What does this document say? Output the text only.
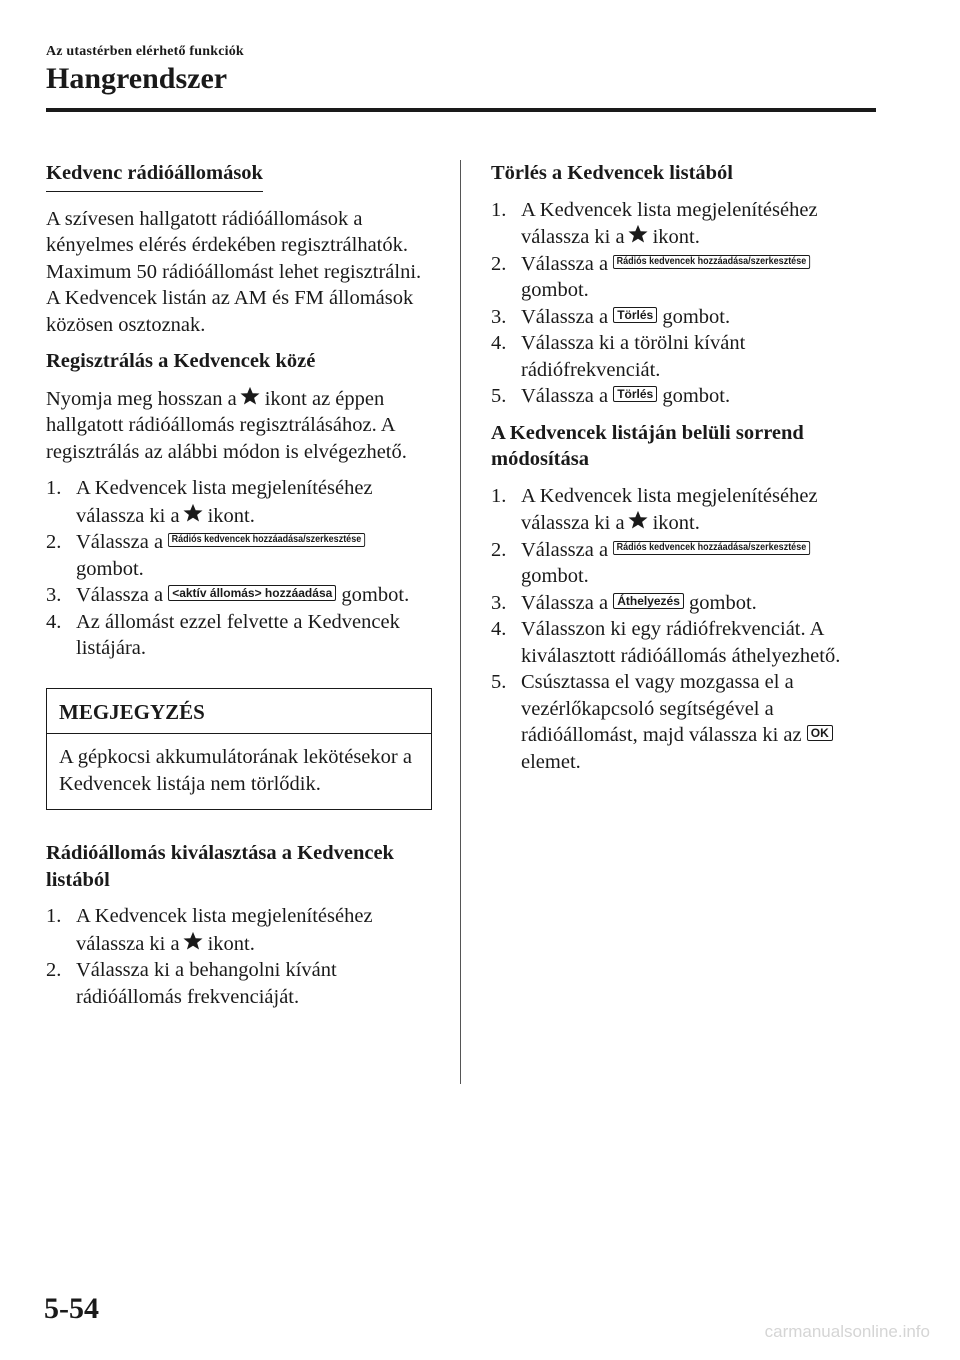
Az utastérben elérhető funkciók
Hangrendszer
Kedvenc rádióállomások

A szívesen hallgatott rádióállomások a kényelmes elérés érdekében regisztrálhatók. Maximum 50 rádióállomást lehet regisztrálni. A Kedvencek listán az AM és FM állomások közösen osztoznak.

Regisztrálás a Kedvencek közé

Nyomja meg hosszan a ikont az éppen hallgatott rádióállomás regisztrálásához. A regisztrálás az alábbi módon is elvégezhető.

1. A Kedvencek lista megjelenítéséhez válassza ki a ikont.
2. Válassza a Rádiós kedvencek hozzáadása/szerkesztése
gombot.
3. Válassza a <aktív állomás> hozzáadása gombot.
4. Az állomást ezzel felvette a Kedvencek listájára.
MEGJEGYZÉS
A gépkocsi akkumulátorának lekötésekor a Kedvencek listája nem törlődik.
Rádióállomás kiválasztása a Kedvencek listából
1. A Kedvencek lista megjelenítéséhez válassza ki a ikont.
2. Válassza ki a behangolni kívánt rádióállomás frekvenciáját.
Törlés a Kedvencek listából
1. A Kedvencek lista megjelenítéséhez válassza ki a ikont.
2. Válassza a Rádiós kedvencek hozzáadása/szerkesztése
gombot.
3. Válassza a Törlés gombot.
4. Válassza ki a törölni kívánt rádiófrekvenciát.
5. Válassza a Törlés gombot.
A Kedvencek listáján belüli sorrend módosítása
1. A Kedvencek lista megjelenítéséhez válassza ki a ikont.
2. Válassza a Rádiós kedvencek hozzáadása/szerkesztése
gombot.
3. Válassza a Áthelyezés gombot.
4. Válasszon ki egy rádiófrekvenciát. A kiválasztott rádióállomás áthelyezhető.
5. Csúsztassa el vagy mozgassa el a vezérlőkapcsoló segítségével a rádióállomást, majd válassza ki az OK
elemet.
5-54
carmanualsonline.info
